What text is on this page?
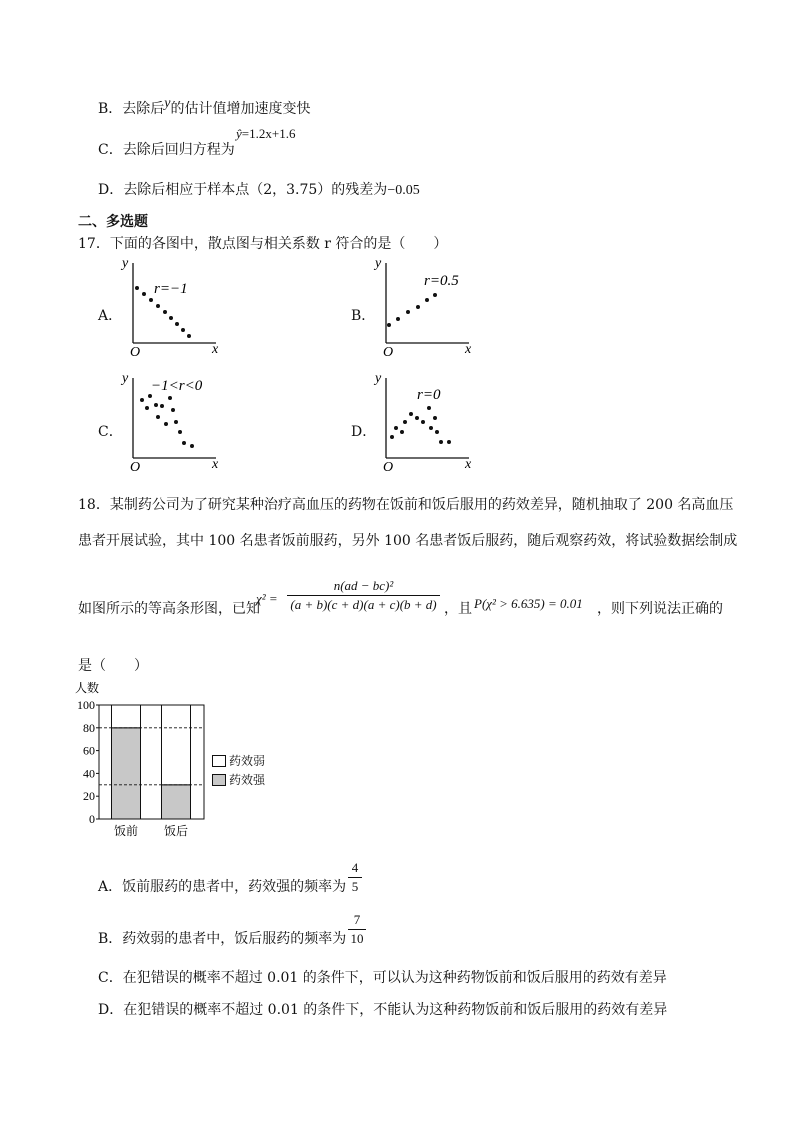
B．去除后y的估计值增加速度变快
C．去除后回归方程为
ŷ=1.2x+1.6
D．去除后相应于样本点（2，3.75）的残差为−0.05
二、多选题
17．下面的各图中，散点图与相关系数 r 符合的是（　　）
A．
y
x
O
r=−1
B．
y
x
O
r=0.5
C．
y
x
O
−1<r<0
D．
y
x
O
r=0
18．某制药公司为了研究某种治疗高血压的药物在饭前和饭后服用的药效差异，随机抽取了 200 名高血压
患者开展试验，其中 100 名患者饭前服药，另外 100 名患者饭后服药，随后观察药效，将试验数据绘制成
如图所示的等高条形图，已知
χ² =
n(ad − bc)²
(a + b)(c + d)(a + c)(b + d) ，且 P(χ² > 6.635) = 0.01 ，则下列说法正确的
是（　　）
人数
0
20
40
60
80
100
饭前 饭后
药效弱
药效强
A．饭前服药的患者中，药效强的频率为
4
5
B．药效弱的患者中，饭后服药的频率为
7
10
C．在犯错误的概率不超过 0.01 的条件下，可以认为这种药物饭前和饭后服用的药效有差异
D．在犯错误的概率不超过 0.01 的条件下，不能认为这种药物饭前和饭后服用的药效有差异
